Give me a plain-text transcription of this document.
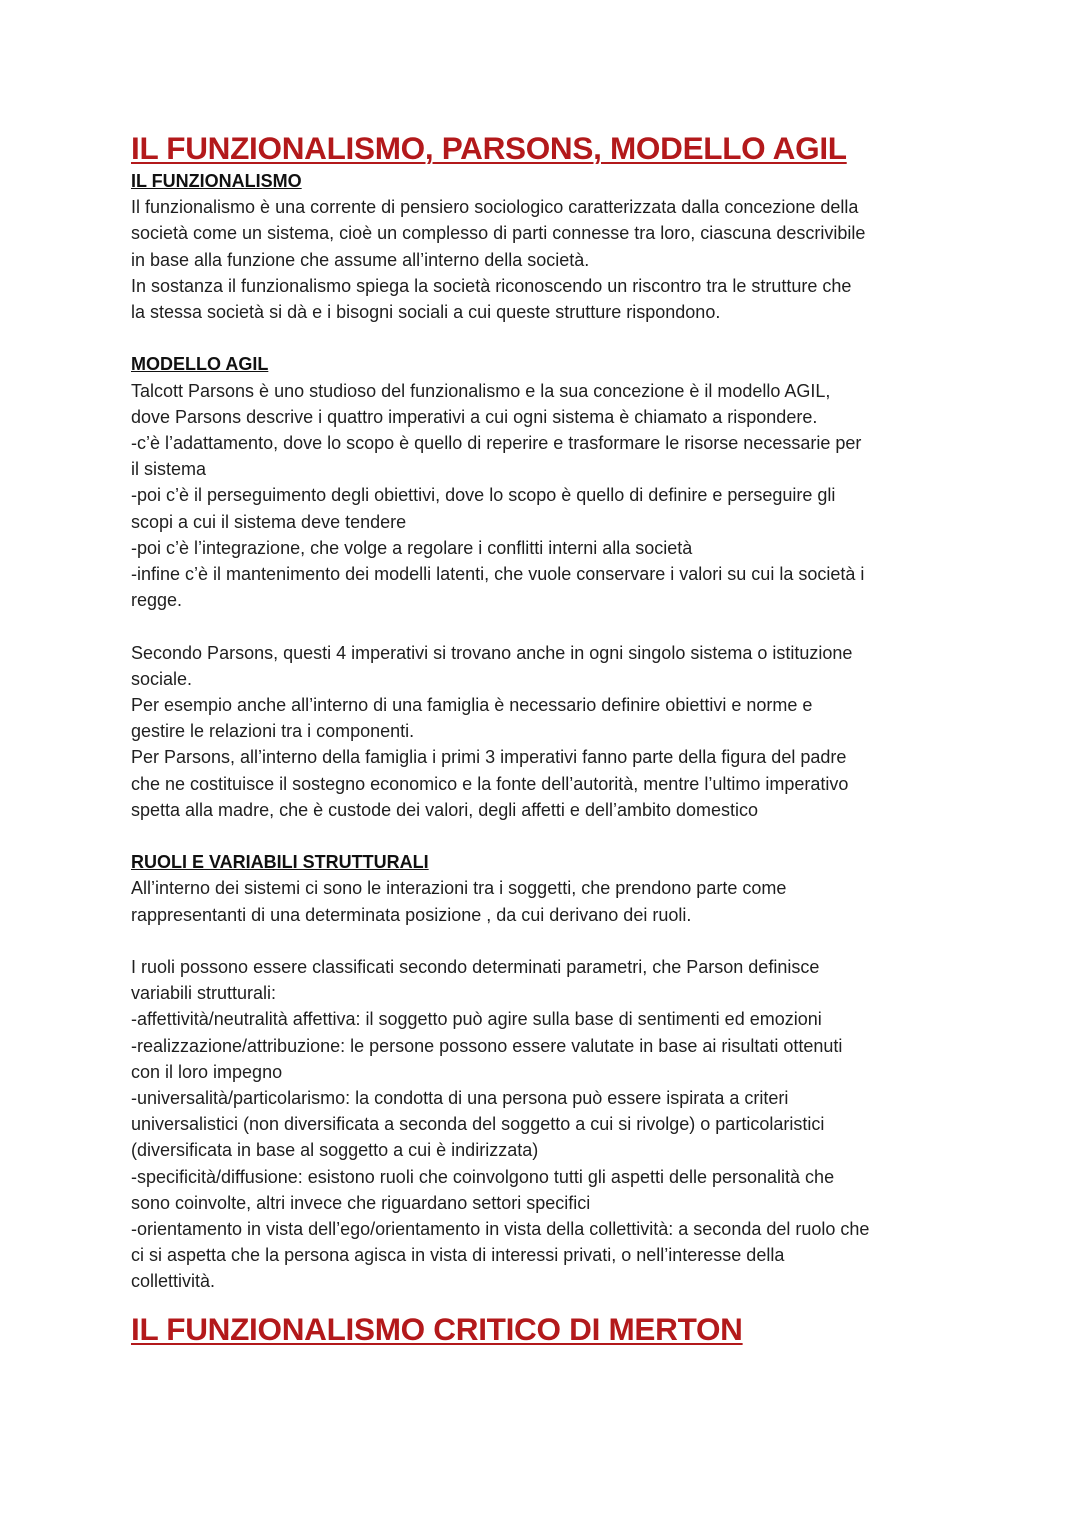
IL FUNZIONALISMO, PARSONS, MODELLO AGIL
IL FUNZIONALISMO
Il funzionalismo è una corrente di pensiero sociologico caratterizzata dalla concezione della
società come un sistema, cioè un complesso di parti connesse tra loro, ciascuna descrivibile
in base alla funzione che assume all’interno della società.
In sostanza il funzionalismo spiega la società riconoscendo un riscontro tra le strutture che
la stessa società si dà e i bisogni sociali a cui queste strutture rispondono.
MODELLO AGIL
Talcott Parsons è uno studioso del funzionalismo e la sua concezione è il modello AGIL,
dove Parsons descrive i quattro imperativi a cui ogni sistema è chiamato a rispondere.
-c’è l’adattamento, dove lo scopo è quello di reperire e trasformare le risorse necessarie per
il sistema
-poi c’è il perseguimento degli obiettivi, dove lo scopo è quello di definire e perseguire gli
scopi a cui il sistema deve tendere
-poi c’è l’integrazione, che volge a regolare i conflitti interni alla società
-infine c’è il mantenimento dei modelli latenti, che vuole conservare i valori su cui la società i
regge.
Secondo Parsons, questi 4 imperativi si trovano anche in ogni singolo sistema o istituzione
sociale.
Per esempio anche all’interno di una famiglia è necessario definire obiettivi e norme e
gestire le relazioni tra i componenti.
Per Parsons, all’interno della famiglia i primi 3 imperativi fanno parte della figura del padre
che ne costituisce il sostegno economico e la fonte dell’autorità, mentre l’ultimo imperativo
spetta alla madre, che è custode dei valori, degli affetti e dell’ambito domestico
RUOLI E VARIABILI STRUTTURALI
All’interno dei sistemi ci sono le interazioni tra i soggetti, che prendono parte come
rappresentanti di una determinata posizione , da cui derivano dei ruoli.
I ruoli possono essere classificati secondo determinati parametri, che Parson definisce
variabili strutturali:
-affettività/neutralità affettiva: il soggetto può agire sulla base di sentimenti ed emozioni
-realizzazione/attribuzione: le persone possono essere valutate in base ai risultati ottenuti
con il loro impegno
-universalità/particolarismo: la condotta di una persona può essere ispirata a criteri
universalistici (non diversificata a seconda del soggetto a cui si rivolge) o particolaristici
(diversificata in base al soggetto a cui è indirizzata)
-specificità/diffusione: esistono ruoli che coinvolgono tutti gli aspetti delle personalità che
sono coinvolte, altri invece che riguardano settori specifici
-orientamento in vista dell’ego/orientamento in vista della collettività: a seconda del ruolo che
ci si aspetta che la persona agisca in vista di interessi privati, o nell’interesse della
collettività.
IL FUNZIONALISMO CRITICO DI MERTON
